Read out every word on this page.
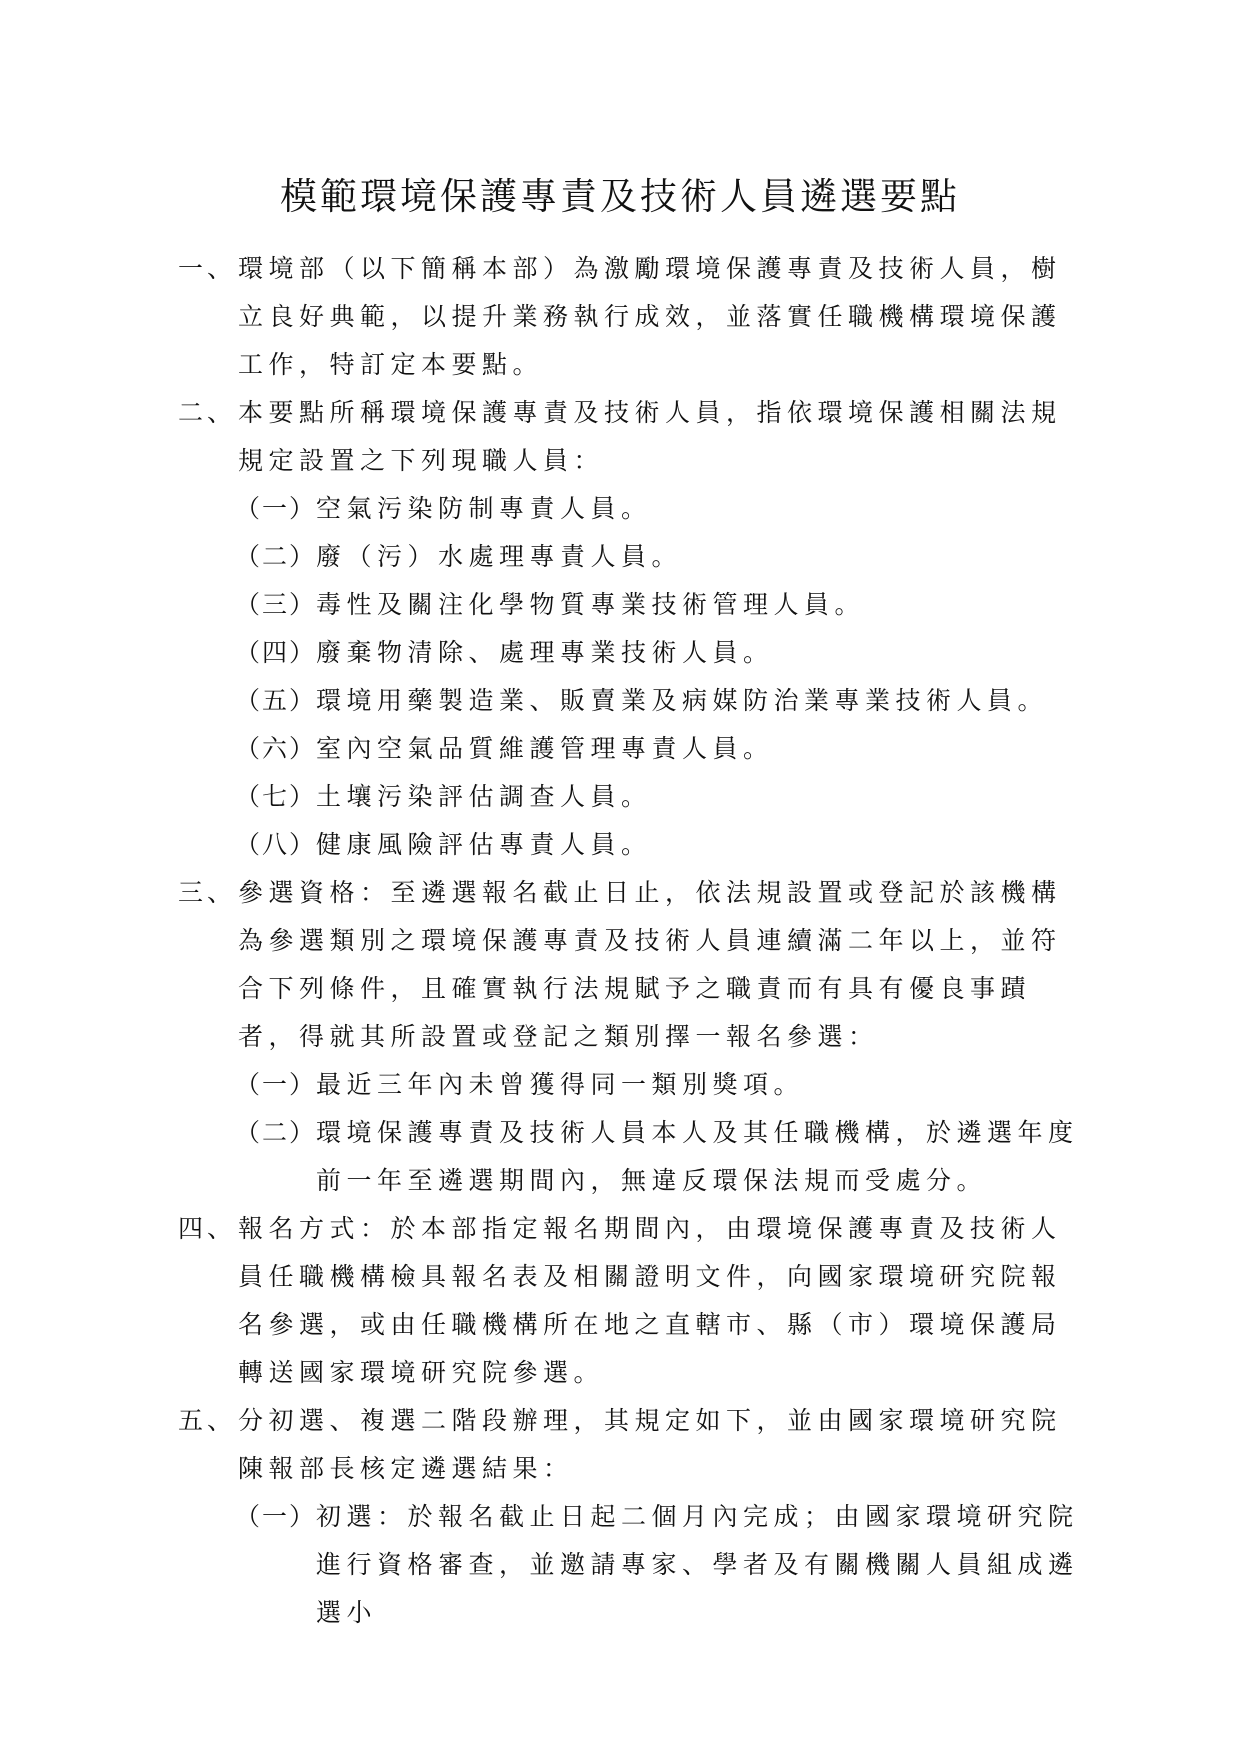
模範環境保護專責及技術人員遴選要點
一、 環境部（以下簡稱本部）為激勵環境保護專責及技術人員，樹立良好典範，以提升業務執行成效，並落實任職機構環境保護工作，特訂定本要點。
二、 本要點所稱環境保護專責及技術人員，指依環境保護相關法規規定設置之下列現職人員：
（一） 空氣污染防制專責人員。
（二） 廢（污）水處理專責人員。
（三） 毒性及關注化學物質專業技術管理人員。
（四） 廢棄物清除、處理專業技術人員。
（五） 環境用藥製造業、販賣業及病媒防治業專業技術人員。
（六） 室內空氣品質維護管理專責人員。
（七） 土壤污染評估調查人員。
（八） 健康風險評估專責人員。
三、 參選資格：至遴選報名截止日止，依法規設置或登記於該機構為參選類別之環境保護專責及技術人員連續滿二年以上，並符合下列條件，且確實執行法規賦予之職責而有具有優良事蹟者，得就其所設置或登記之類別擇一報名參選：
（一） 最近三年內未曾獲得同一類別獎項。
（二） 環境保護專責及技術人員本人及其任職機構，於遴選年度前一年至遴選期間內，無違反環保法規而受處分。
四、 報名方式：於本部指定報名期間內，由環境保護專責及技術人員任職機構檢具報名表及相關證明文件，向國家環境研究院報名參選，或由任職機構所在地之直轄市、縣（市）環境保護局轉送國家環境研究院參選。
五、 分初選、複選二階段辦理，其規定如下，並由國家環境研究院陳報部長核定遴選結果：
（一） 初選：於報名截止日起二個月內完成；由國家環境研究院進行資格審查，並邀請專家、學者及有關機關人員組成遴選小
